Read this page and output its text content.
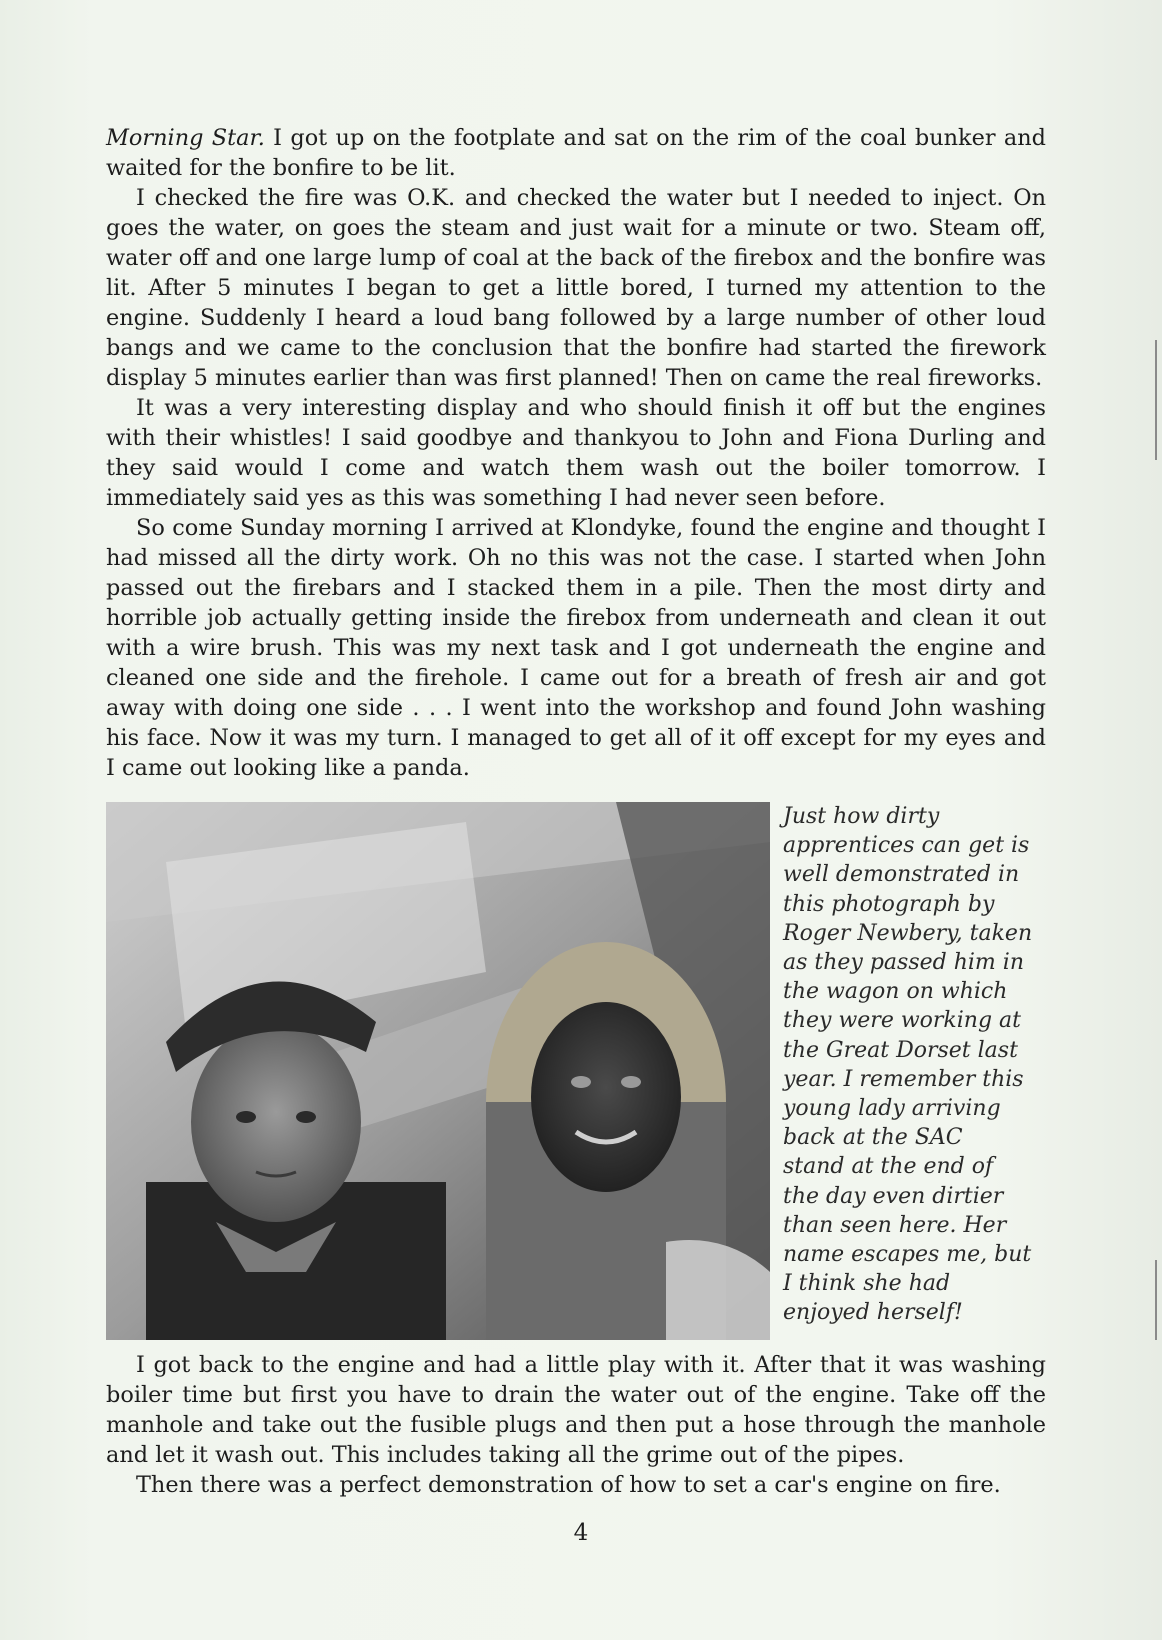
Morning Star. I got up on the footplate and sat on the rim of the coal bunker and waited for the bonfire to be lit.

I checked the fire was O.K. and checked the water but I needed to inject. On goes the water, on goes the steam and just wait for a minute or two. Steam off, water off and one large lump of coal at the back of the firebox and the bonfire was lit. After 5 minutes I began to get a little bored, I turned my attention to the engine. Suddenly I heard a loud bang followed by a large number of other loud bangs and we came to the conclusion that the bonfire had started the firework display 5 minutes earlier than was first planned! Then on came the real fireworks.

It was a very interesting display and who should finish it off but the engines with their whistles! I said goodbye and thankyou to John and Fiona Durling and they said would I come and watch them wash out the boiler tomorrow. I immediately said yes as this was something I had never seen before.

So come Sunday morning I arrived at Klondyke, found the engine and thought I had missed all the dirty work. Oh no this was not the case. I started when John passed out the firebars and I stacked them in a pile. Then the most dirty and horrible job actually getting inside the firebox from underneath and clean it out with a wire brush. This was my next task and I got underneath the engine and cleaned one side and the firehole. I came out for a breath of fresh air and got away with doing one side . . . I went into the workshop and found John washing his face. Now it was my turn. I managed to get all of it off except for my eyes and I came out looking like a panda.

Just how dirty
apprentices can get is
well demonstrated in
this photograph by
Roger Newbery, taken
as they passed him in
the wagon on which
they were working at
the Great Dorset last
year. I remember this
young lady arriving
back at the SAC
stand at the end of
the day even dirtier
than seen here. Her
name escapes me, but
I think she had
enjoyed herself!

I got back to the engine and had a little play with it. After that it was washing boiler time but first you have to drain the water out of the engine. Take off the manhole and take out the fusible plugs and then put a hose through the manhole and let it wash out. This includes taking all the grime out of the pipes.

Then there was a perfect demonstration of how to set a car's engine on fire.

4
